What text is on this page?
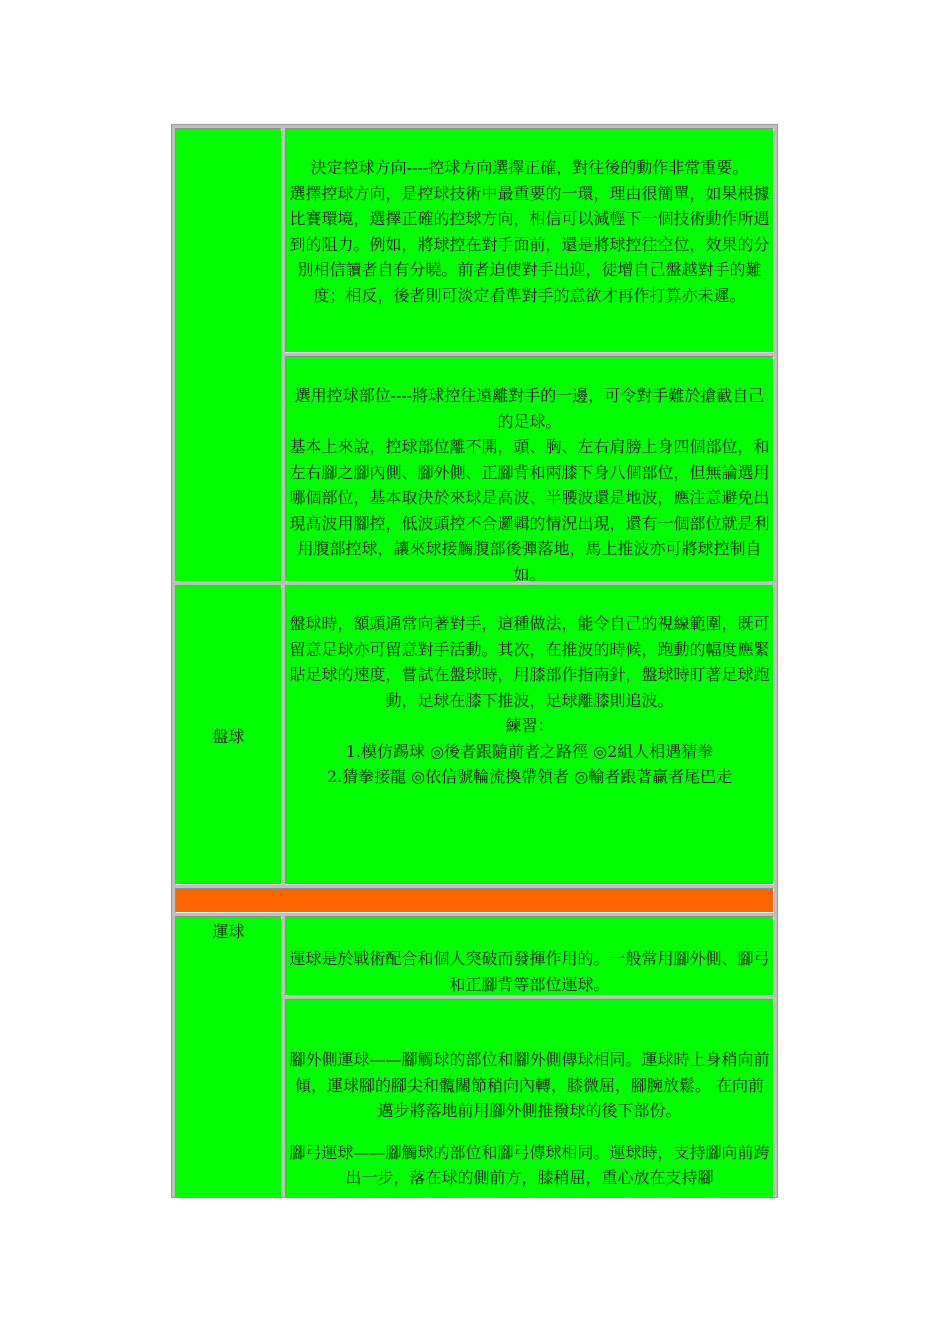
決定控球方向----控球方向選擇正確，對往後的動作非常重要。
選擇控球方向，是控球技術中最重要的一環，理由很簡單，如果根據比賽環境，選擇正確的控球方向，相信可以減輕下一個技術動作所遇到的阻力。例如，將球控在對手面前，還是將球控往空位，效果的分別相信讀者自有分曉。前者迫使對手出迎，徒增自己盤越對手的難度；相反，後者則可淡定看準對手的意欲才再作打算亦未遲。
選用控球部位----將球控往遠離對手的一邊，可令對手難於搶截自己的足球。
基本上來說，控球部位離不開，頭、胸、左右肩膀上身四個部位，和左右腳之腳內側、腳外側、正腳背和兩膝下身八個部位，但無論選用哪個部位，基本取決於來球是高波、半腰波還是地波，應注意避免出現高波用腳控，低波頭控不合邏輯的情況出現，還有一個部位就是利用腹部控球，讓來球接觸腹部後彈落地，馬上推波亦可將球控制自如。
盤球
盤球時，額頭通常向著對手，這種做法，能令自己的視線範圍，既可留意足球亦可留意對手活動。其次，在推波的時候，跑動的幅度應緊貼足球的速度，嘗試在盤球時，用膝部作指南針，盤球時盯著足球跑動，足球在膝下推波，足球離膝則追波。
練習：
1.模仿踢球 ◎後者跟隨前者之路徑 ◎2組人相遇猜拳
2.猜拳接龍 ◎依信號輪流換帶領者 ◎輸者跟著贏者尾巴走
運球
運球是於戰術配合和個人突破而發揮作用的。一般常用腳外側、腳弓和正腳背等部位運球。
腳外側運球——腳觸球的部位和腳外側傳球相同。運球時上身稍向前傾，運球腳的腳尖和髖關節稍向內轉，膝微屈，腳腕放鬆。 在向前邁步將落地前用腳外側推撥球的後下部份。
腳弓運球——腳觸球的部位和腳弓傳球相同。運球時，支持腳向前跨出一步，落在球的側前方，膝稍屈，重心放在支持腳
